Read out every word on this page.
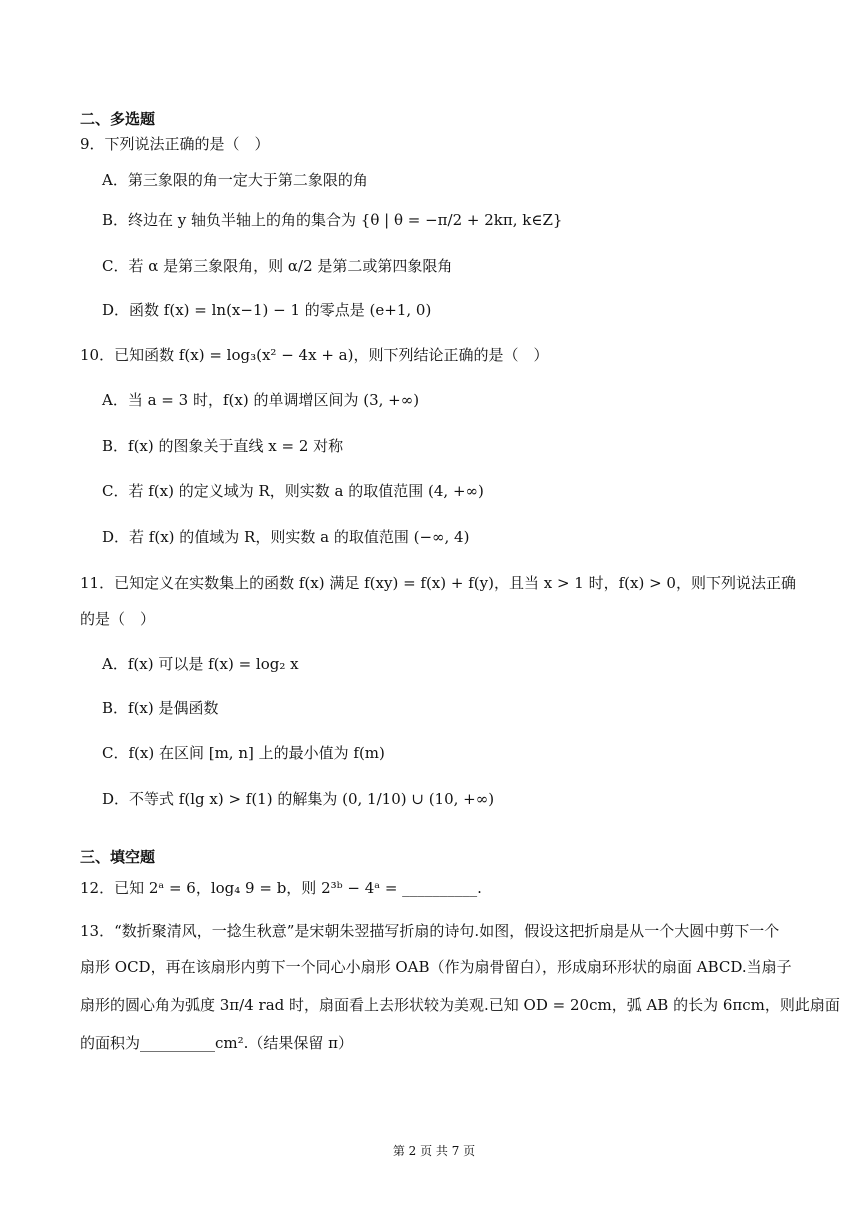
二、多选题
9．下列说法正确的是（　）
A．第三象限的角一定大于第二象限的角
B．终边在 y 轴负半轴上的角的集合为 {θ | θ = −π/2 + 2kπ, k∈Z}
C．若 α 是第三象限角，则 α/2 是第二或第四象限角
D．函数 f(x) = ln(x−1) − 1 的零点是 (e+1, 0)
10．已知函数 f(x) = log₃(x² − 4x + a)，则下列结论正确的是（　）
A．当 a = 3 时，f(x) 的单调增区间为 (3, +∞)
B．f(x) 的图象关于直线 x = 2 对称
C．若 f(x) 的定义域为 R，则实数 a 的取值范围 (4, +∞)
D．若 f(x) 的值域为 R，则实数 a 的取值范围 (−∞, 4)
11．已知定义在实数集上的函数 f(x) 满足 f(xy) = f(x) + f(y)，且当 x > 1 时，f(x) > 0，则下列说法正确
的是（　）
A．f(x) 可以是 f(x) = log₂ x
B．f(x) 是偶函数
C．f(x) 在区间 [m, n] 上的最小值为 f(m)
D．不等式 f(lg x) > f(1) 的解集为 (0, 1/10) ∪ (10, +∞)
三、填空题
12．已知 2ᵃ = 6，log₄ 9 = b，则 2³ᵇ − 4ᵃ = __________.
13．“数折聚清风，一捻生秋意”是宋朝朱翌描写折扇的诗句.如图，假设这把折扇是从一个大圆中剪下一个
扇形 OCD，再在该扇形内剪下一个同心小扇形 OAB（作为扇骨留白），形成扇环形状的扇面 ABCD.当扇子
扇形的圆心角为弧度 3π/4 rad 时，扇面看上去形状较为美观.已知 OD = 20cm，弧 AB 的长为 6πcm，则此扇面
的面积为__________cm².（结果保留 π）
第 2 页 共 7 页
